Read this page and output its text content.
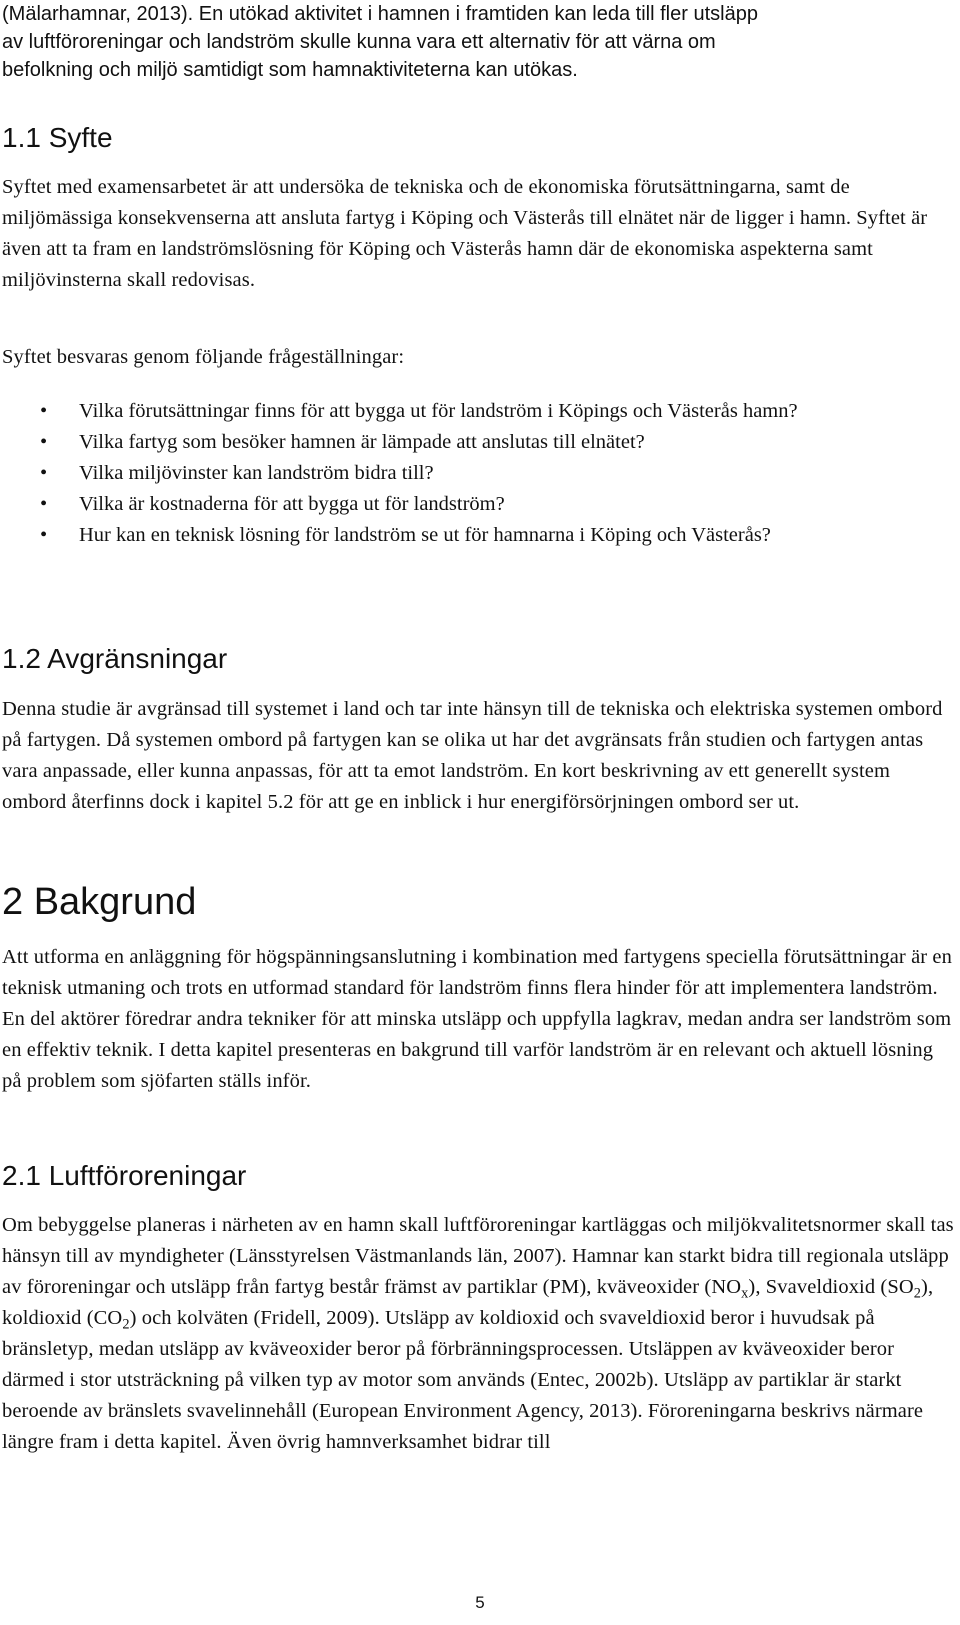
(Mälarhamnar, 2013). En utökad aktivitet i hamnen i framtiden kan leda till fler utsläpp
av luftföroreningar och landström skulle kunna vara ett alternativ för att värna om
befolkning och miljö samtidigt som hamnaktiviteterna kan utökas.
1.1 Syfte

Syftet med examensarbetet är att undersöka de tekniska och de ekonomiska förutsättningarna, samt de miljömässiga konsekvenserna att ansluta fartyg i Köping och Västerås till elnätet när de ligger i hamn. Syftet är även att ta fram en landströmslösning för Köping och Västerås hamn där de ekonomiska aspekterna samt miljövinsterna skall redovisas.

Syftet besvaras genom följande frågeställningar:

• Vilka förutsättningar finns för att bygga ut för landström i Köpings och Västerås hamn?
• Vilka fartyg som besöker hamnen är lämpade att anslutas till elnätet?
• Vilka miljövinster kan landström bidra till?
• Vilka är kostnaderna för att bygga ut för landström?
• Hur kan en teknisk lösning för landström se ut för hamnarna i Köping och Västerås?
1.2 Avgränsningar

Denna studie är avgränsad till systemet i land och tar inte hänsyn till de tekniska och elektriska systemen ombord på fartygen. Då systemen ombord på fartygen kan se olika ut har det avgränsats från studien och fartygen antas vara anpassade, eller kunna anpassas, för att ta emot landström. En kort beskrivning av ett generellt system ombord återfinns dock i kapitel 5.2 för att ge en inblick i hur energiförsörjningen ombord ser ut.

2 Bakgrund

Att utforma en anläggning för högspänningsanslutning i kombination med fartygens speciella förutsättningar är en teknisk utmaning och trots en utformad standard för landström finns flera hinder för att implementera landström. En del aktörer föredrar andra tekniker för att minska utsläpp och uppfylla lagkrav, medan andra ser landström som en effektiv teknik. I detta kapitel presenteras en bakgrund till varför landström är en relevant och aktuell lösning på problem som sjöfarten ställs inför.

2.1 Luftföroreningar

Om bebyggelse planeras i närheten av en hamn skall luftföroreningar kartläggas och miljökvalitetsnormer skall tas hänsyn till av myndigheter (Länsstyrelsen Västmanlands län, 2007). Hamnar kan starkt bidra till regionala utsläpp av föroreningar och utsläpp från fartyg består främst av partiklar (PM), kväveoxider $(NO_x)$, Svaveldioxid $(SO_2)$, koldioxid $(CO_2)$ och kolväten (Fridell, 2009). Utsläpp av koldioxid och svaveldioxid beror i huvudsak på bränsletyp, medan utsläpp av kväveoxider beror på förbränningsprocessen. Utsläppen av kväveoxider beror därmed i stor utsträckning på vilken typ av motor som används (Entec, 2002b). Utsläpp av partiklar är starkt beroende av bränslets svavelinnehåll (European Environment Agency, 2013). Föroreningarna beskrivs närmare längre fram i detta kapitel. Även övrig hamnverksamhet bidrar till

5
